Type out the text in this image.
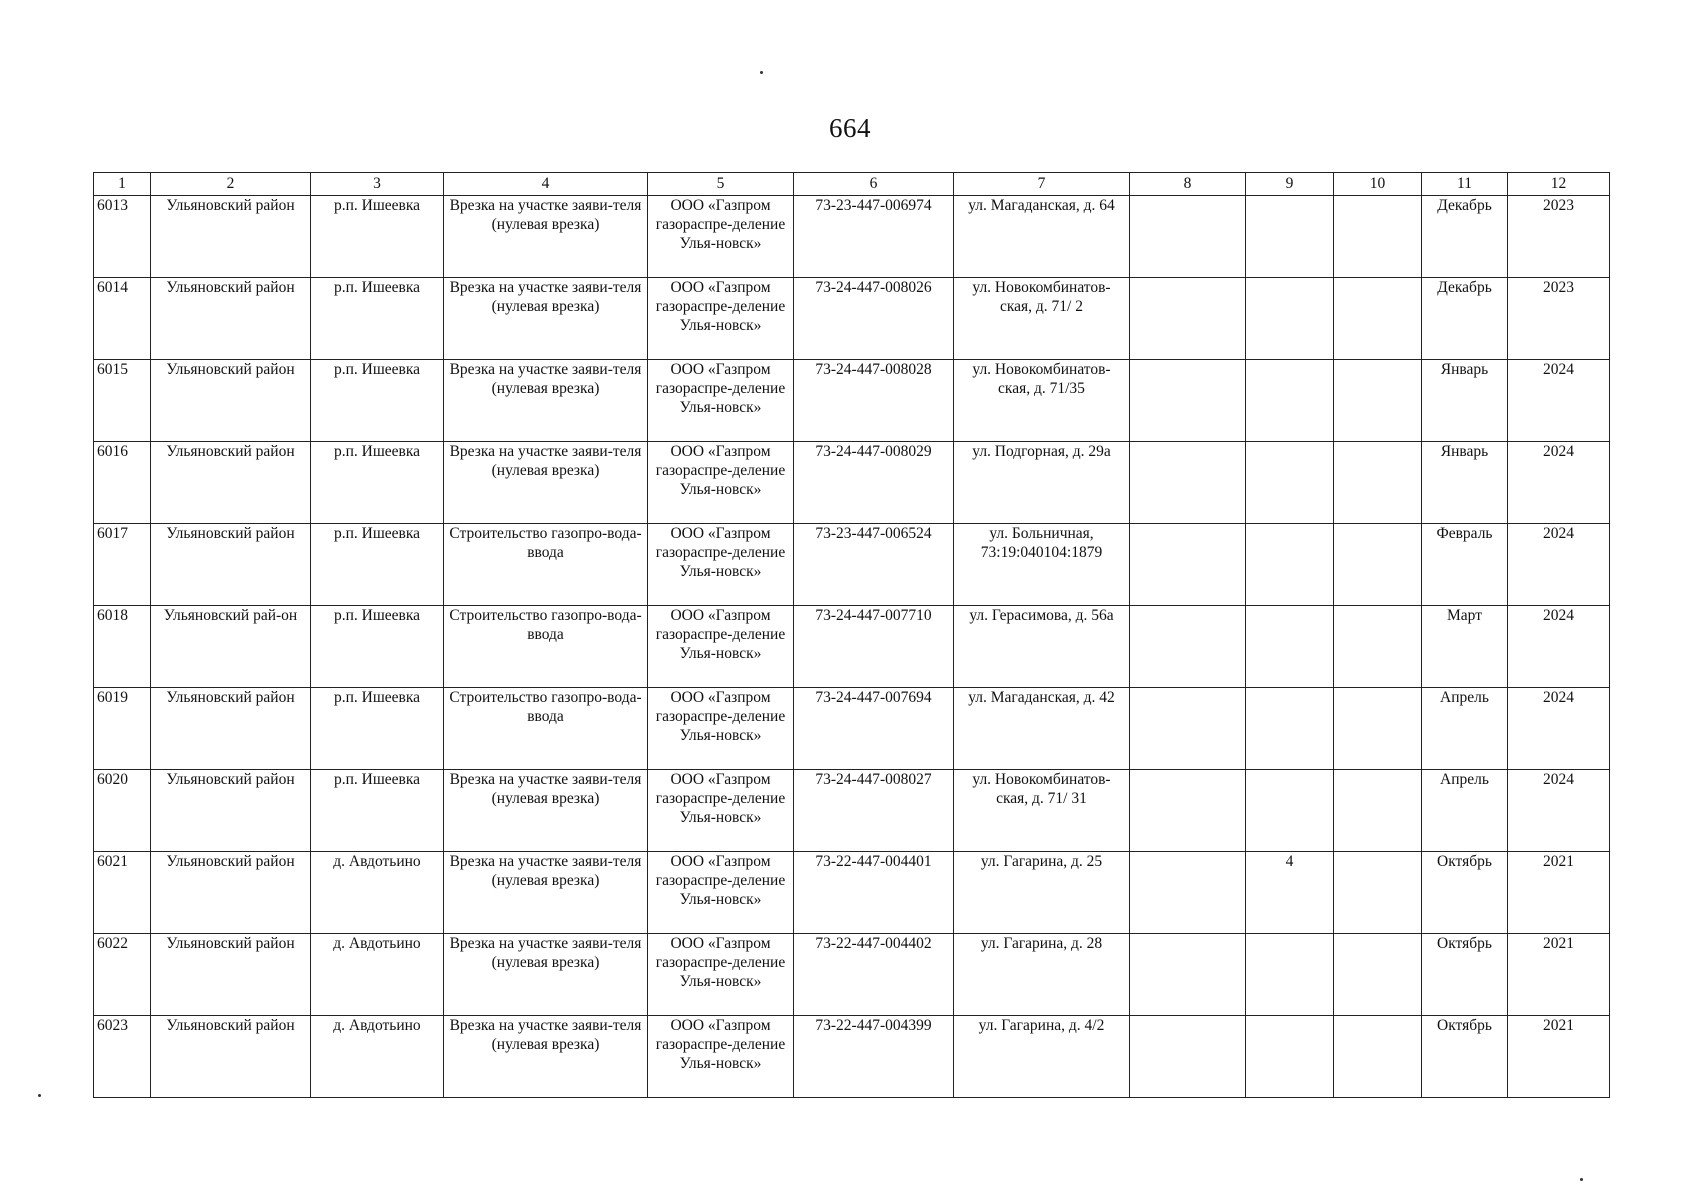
664
1	2	3	4	5	6	7	8	9	10	11	12
6013	Ульяновский район	р.п. Ишеевка	Врезка на участке заяви-теля (нулевая врезка)	ООО «Газпром газораспре-деление Улья-новск»	73-23-447-006974	ул. Магаданская, д. 64				Декабрь	2023
6014	Ульяновский район	р.п. Ишеевка	Врезка на участке заяви-теля (нулевая врезка)	ООО «Газпром газораспре-деление Улья-новск»	73-24-447-008026	ул. Новокомбинатов-ская, д. 71/ 2				Декабрь	2023
6015	Ульяновский район	р.п. Ишеевка	Врезка на участке заяви-теля (нулевая врезка)	ООО «Газпром газораспре-деление Улья-новск»	73-24-447-008028	ул. Новокомбинатов-ская, д. 71/35				Январь	2024
6016	Ульяновский район	р.п. Ишеевка	Врезка на участке заяви-теля (нулевая врезка)	ООО «Газпром газораспре-деление Улья-новск»	73-24-447-008029	ул. Подгорная, д. 29а				Январь	2024
6017	Ульяновский район	р.п. Ишеевка	Строительство газопро-вода-ввода	ООО «Газпром газораспре-деление Улья-новск»	73-23-447-006524	ул. Больничная, 73:19:040104:1879				Февраль	2024
6018	Ульяновский рай-он	р.п. Ишеевка	Строительство газопро-вода-ввода	ООО «Газпром газораспре-деление Улья-новск»	73-24-447-007710	ул. Герасимова, д. 56а				Март	2024
6019	Ульяновский район	р.п. Ишеевка	Строительство газопро-вода-ввода	ООО «Газпром газораспре-деление Улья-новск»	73-24-447-007694	ул. Магаданская, д. 42				Апрель	2024
6020	Ульяновский район	р.п. Ишеевка	Врезка на участке заяви-теля (нулевая врезка)	ООО «Газпром газораспре-деление Улья-новск»	73-24-447-008027	ул. Новокомбинатов-ская, д. 71/ 31				Апрель	2024
6021	Ульяновский район	д. Авдотьино	Врезка на участке заяви-теля (нулевая врезка)	ООО «Газпром газораспре-деление Улья-новск»	73-22-447-004401	ул. Гагарина, д. 25		4		Октябрь	2021
6022	Ульяновский район	д. Авдотьино	Врезка на участке заяви-теля (нулевая врезка)	ООО «Газпром газораспре-деление Улья-новск»	73-22-447-004402	ул. Гагарина, д. 28				Октябрь	2021
6023	Ульяновский район	д. Авдотьино	Врезка на участке заяви-теля (нулевая врезка)	ООО «Газпром газораспре-деление Улья-новск»	73-22-447-004399	ул. Гагарина, д. 4/2				Октябрь	2021
